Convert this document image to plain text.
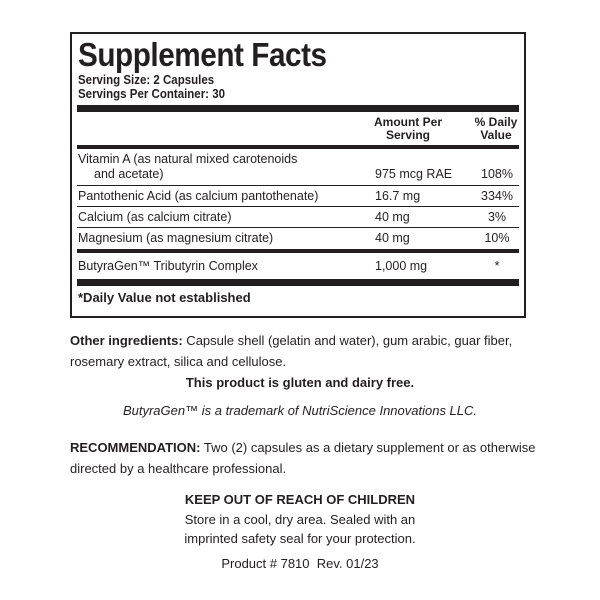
Supplement Facts
Serving Size: 2 Capsules
Servings Per Container: 30
Amount Per
Serving
% Daily
Value
Vitamin A (as natural mixed carotenoids
and acetate)	975 mcg RAE	108%
Pantothenic Acid (as calcium pantothenate)	16.7 mg	334%
Calcium (as calcium citrate)	40 mg	3%
Magnesium (as magnesium citrate)	40 mg	10%
ButyraGen™ Tributyrin Complex	1,000 mg	*
*Daily Value not established
Other ingredients: Capsule shell (gelatin and water), gum arabic, guar fiber,
rosemary extract, silica and cellulose.
This product is gluten and dairy free.
ButyraGen™ is a trademark of NutriScience Innovations LLC.
RECOMMENDATION: Two (2) capsules as a dietary supplement or as otherwise
directed by a healthcare professional.
KEEP OUT OF REACH OF CHILDREN
Store in a cool, dry area. Sealed with an
imprinted safety seal for your protection.
Product # 7810  Rev. 01/23
